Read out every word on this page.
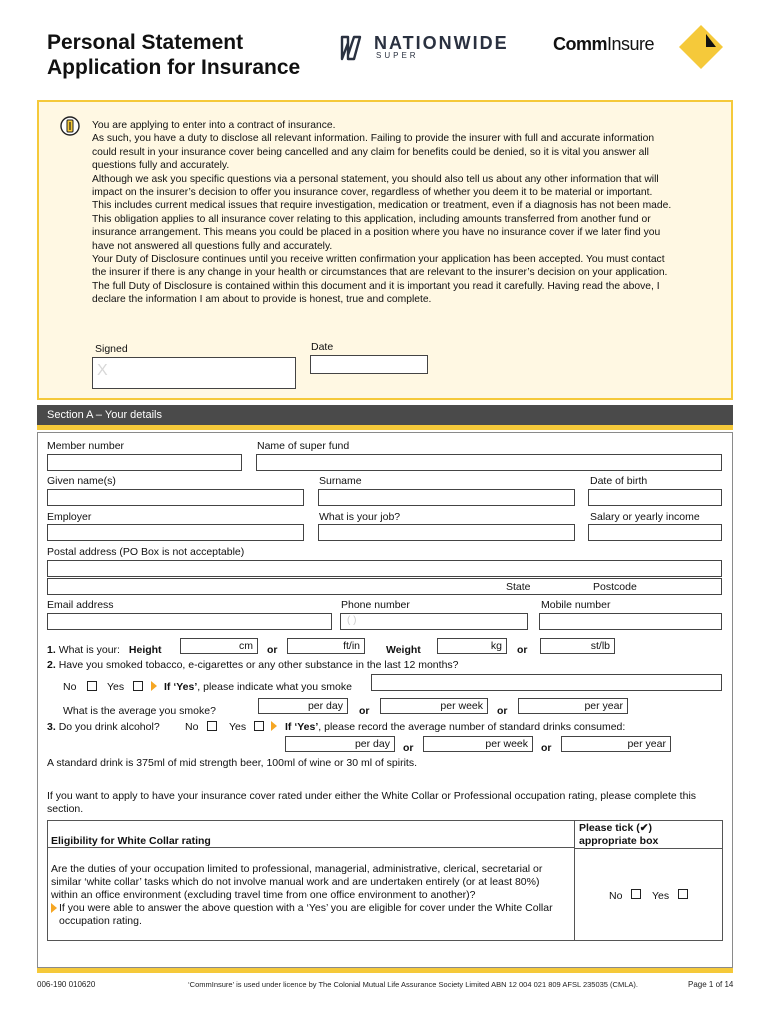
Personal Statement
Application for Insurance
NATIONWIDE
SUPER
CommInsure

You are applying to enter into a contract of insurance.

As such, you have a duty to disclose all relevant information. Failing to provide the insurer with full and accurate information could result in your insurance cover being cancelled and any claim for benefits could be denied, so it is vital you answer all questions fully and accurately.

Although we ask you specific questions via a personal statement, you should also tell us about any other information that will impact on the insurer’s decision to offer you insurance cover, regardless of whether you deem it to be material or important. This includes current medical issues that require investigation, medication or treatment, even if a diagnosis has not been made.

This obligation applies to all insurance cover relating to this application, including amounts transferred from another fund or insurance arrangement. This means you could be placed in a position where you have no insurance cover if we later find you have not answered all questions fully and accurately.

Your Duty of Disclosure continues until you receive written confirmation your application has been accepted. You must contact the insurer if there is any change in your health or circumstances that are relevant to the insurer’s decision on your application.

The full Duty of Disclosure is contained within this document and it is important you read it carefully. Having read the above, I declare the information I am about to provide is honest, true and complete.

Signed	Date
X
Section A – Your details
Member number	Name of super fund
Given name(s)	Surname	Date of birth
Employer	What is your job?	Salary or yearly income
Postal address (PO Box is not acceptable)
State	Postcode
Email address	Phone number	Mobile number
( )
1. What is your: Height	cm	or	ft/in	Weight	kg	or	st/lb
2. Have you smoked tobacco, e-cigarettes or any other substance in the last 12 months?
No	Yes	If ‘Yes’, please indicate what you smoke
What is the average you smoke?	per day	or	per week	or	per year
3. Do you drink alcohol? No	Yes	If ‘Yes’, please record the average number of standard drinks consumed:
per day	or	per week	or	per year
A standard drink is 375ml of mid strength beer, 100ml of wine or 30 ml of spirits.
If you want to apply to have your insurance cover rated under either the White Collar or Professional occupation rating, please complete this section.
Eligibility for White Collar rating
Please tick (✔)
appropriate box
Are the duties of your occupation limited to professional, managerial, administrative, clerical, secretarial or similar ‘white collar’ tasks which do not involve manual work and are undertaken entirely (or at least 80%) within an office environment (excluding travel time from one office environment to another)?
If you were able to answer the above question with a ‘Yes’ you are eligible for cover under the White Collar occupation rating.
No	Yes
006-190 010620	‘CommInsure’ is used under licence by The Colonial Mutual Life Assurance Society Limited ABN 12 004 021 809 AFSL 235035 (CMLA).	Page 1 of 14
